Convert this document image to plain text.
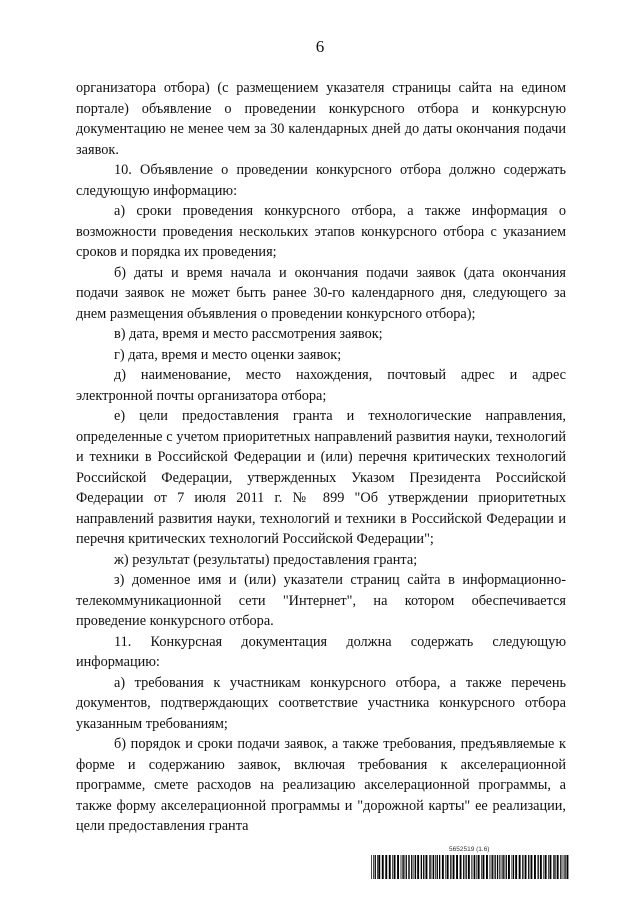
6

организатора отбора) (с размещением указателя страницы сайта на едином портале) объявление о проведении конкурсного отбора и конкурсную документацию не менее чем за 30 календарных дней до даты окончания подачи заявок.

10. Объявление о проведении конкурсного отбора должно содержать следующую информацию:

а) сроки проведения конкурсного отбора, а также информация о возможности проведения нескольких этапов конкурсного отбора с указанием сроков и порядка их проведения;

б) даты и время начала и окончания подачи заявок (дата окончания подачи заявок не может быть ранее 30-го календарного дня, следующего за днем размещения объявления о проведении конкурсного отбора);

в) дата, время и место рассмотрения заявок;

г) дата, время и место оценки заявок;

д) наименование, место нахождения, почтовый адрес и адрес электронной почты организатора отбора;

е) цели предоставления гранта и технологические направления, определенные с учетом приоритетных направлений развития науки, технологий и техники в Российской Федерации и (или) перечня критических технологий Российской Федерации, утвержденных Указом Президента Российской Федерации от 7 июля 2011 г. № 899 "Об утверждении приоритетных направлений развития науки, технологий и техники в Российской Федерации и перечня критических технологий Российской Федерации";

ж) результат (результаты) предоставления гранта;

з) доменное имя и (или) указатели страниц сайта в информационно-телекоммуникационной сети "Интернет", на котором обеспечивается проведение конкурсного отбора.

11. Конкурсная документация должна содержать следующую информацию:

а) требования к участникам конкурсного отбора, а также перечень документов, подтверждающих соответствие участника конкурсного отбора указанным требованиям;

б) порядок и сроки подачи заявок, а также требования, предъявляемые к форме и содержанию заявок, включая требования к акселерационной программе, смете расходов на реализацию акселерационной программы, а также форму акселерационной программы и "дорожной карты" ее реализации, цели предоставления гранта

5652519 (1.6)
